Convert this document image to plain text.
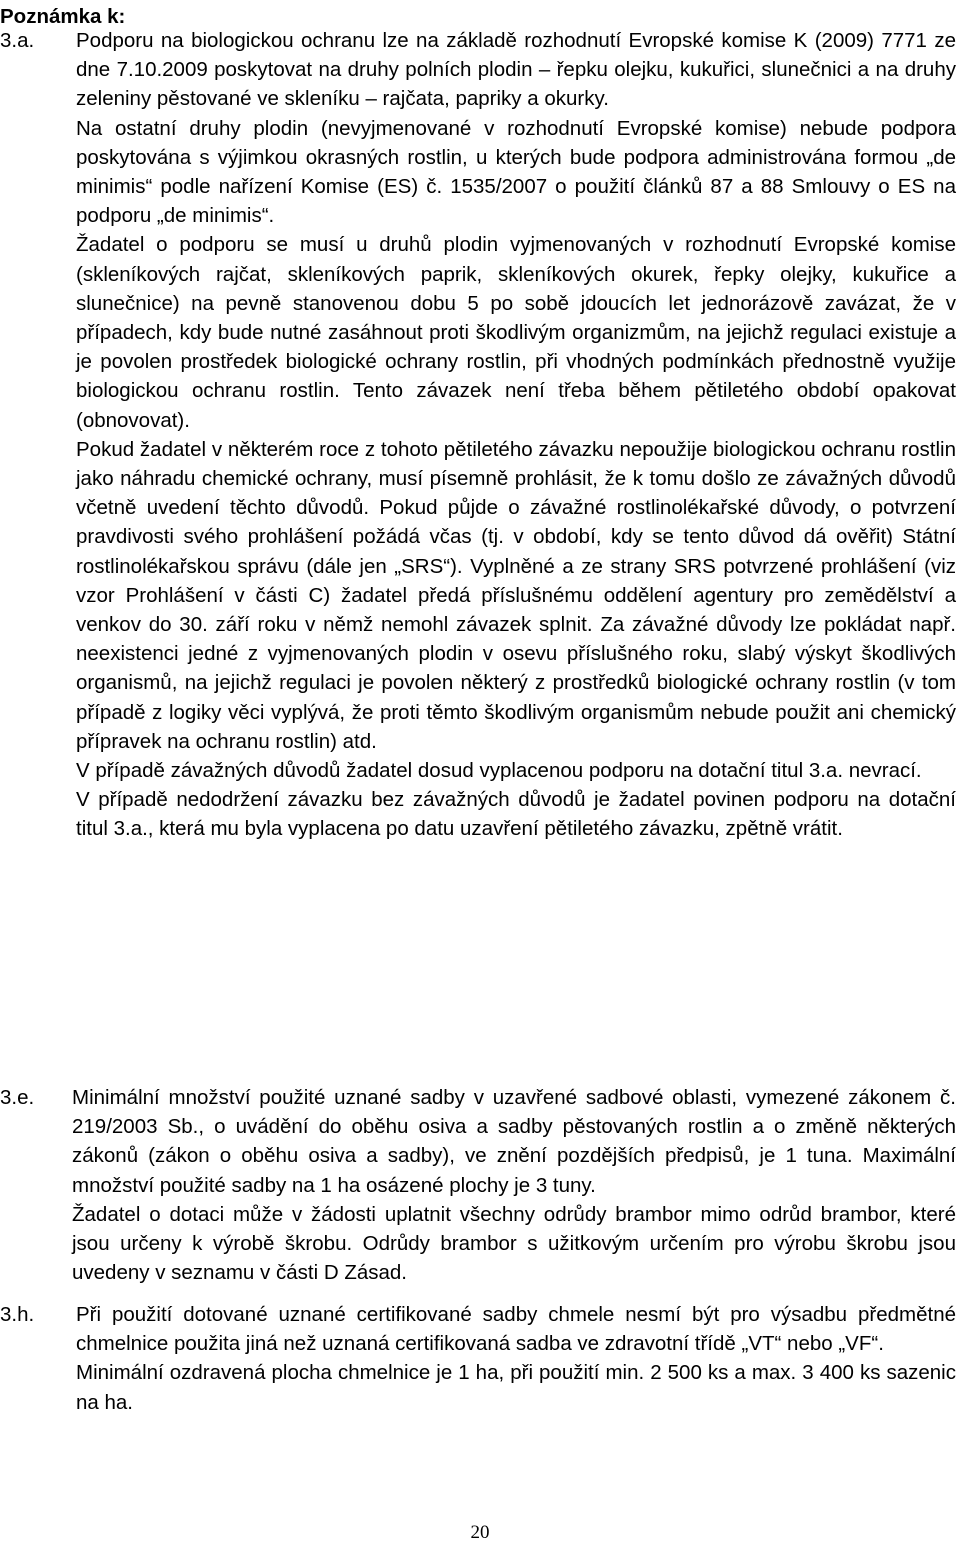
Poznámka k:
3.a. Podporu na biologickou ochranu lze na základě rozhodnutí Evropské komise K (2009) 7771 ze dne 7.10.2009 poskytovat na druhy polních plodin – řepku olejku, kukuřici, slunečnici a na druhy zeleniny pěstované ve skleníku – rajčata, papriky a okurky.

Na ostatní druhy plodin (nevyjmenované v rozhodnutí Evropské komise) nebude podpora poskytována s výjimkou okrasných rostlin, u kterých bude podpora administrována formou „de minimis“ podle nařízení Komise (ES) č. 1535/2007 o použití článků 87 a 88 Smlouvy o ES na podporu „de minimis“.

Žadatel o podporu se musí u druhů plodin vyjmenovaných v rozhodnutí Evropské komise (skleníkových rajčat, skleníkových paprik, skleníkových okurek, řepky olejky, kukuřice a slunečnice) na pevně stanovenou dobu 5 po sobě jdoucích let jednorázově zavázat, že v případech, kdy bude nutné zasáhnout proti škodlivým organizmům, na jejichž regulaci existuje a je povolen prostředek biologické ochrany rostlin, při vhodných podmínkách přednostně využije biologickou ochranu rostlin. Tento závazek není třeba během pětiletého období opakovat (obnovovat).

Pokud žadatel v některém roce z tohoto pětiletého závazku nepoužije biologickou ochranu rostlin jako náhradu chemické ochrany, musí písemně prohlásit, že k tomu došlo ze závažných důvodů včetně uvedení těchto důvodů. Pokud půjde o závažné rostlinolékařské důvody, o potvrzení pravdivosti svého prohlášení požádá včas (tj. v období, kdy se tento důvod dá ověřit) Státní rostlinolékařskou správu (dále jen „SRS“). Vyplněné a ze strany SRS potvrzené prohlášení (viz vzor Prohlášení v části C) žadatel předá příslušnému oddělení agentury pro zemědělství a venkov do 30. září roku v němž nemohl závazek splnit. Za závažné důvody lze pokládat např. neexistenci jedné z vyjmenovaných plodin v osevu příslušného roku, slabý výskyt škodlivých organismů, na jejichž regulaci je povolen některý z prostředků biologické ochrany rostlin (v tom případě z logiky věci vyplývá, že proti těmto škodlivým organismům nebude použit ani chemický přípravek na ochranu rostlin) atd.

V případě závažných důvodů žadatel dosud vyplacenou podporu na dotační titul 3.a. nevrací.

V případě nedodržení závazku bez závažných důvodů je žadatel povinen podporu na dotační titul 3.a., která mu byla vyplacena po datu uzavření pětiletého závazku, zpětně vrátit.

3.e. Minimální množství použité uznané sadby v uzavřené sadbové oblasti, vymezené zákonem č. 219/2003 Sb., o uvádění do oběhu osiva a sadby pěstovaných rostlin a o změně některých zákonů (zákon o oběhu osiva a sadby), ve znění pozdějších předpisů, je 1 tuna. Maximální množství použité sadby na 1 ha osázené plochy je 3 tuny.

Žadatel o dotaci může v žádosti uplatnit všechny odrůdy brambor mimo odrůd brambor, které jsou určeny k výrobě škrobu. Odrůdy brambor s užitkovým určením pro výrobu škrobu jsou uvedeny v seznamu v části D Zásad.

3.h. Při použití dotované uznané certifikované sadby chmele nesmí být pro výsadbu předmětné chmelnice použita jiná než uznaná certifikovaná sadba ve zdravotní třídě „VT“ nebo „VF“.

Minimální ozdravená plocha chmelnice je 1 ha, při použití min. 2 500 ks a max. 3 400 ks sazenic na ha.

20
